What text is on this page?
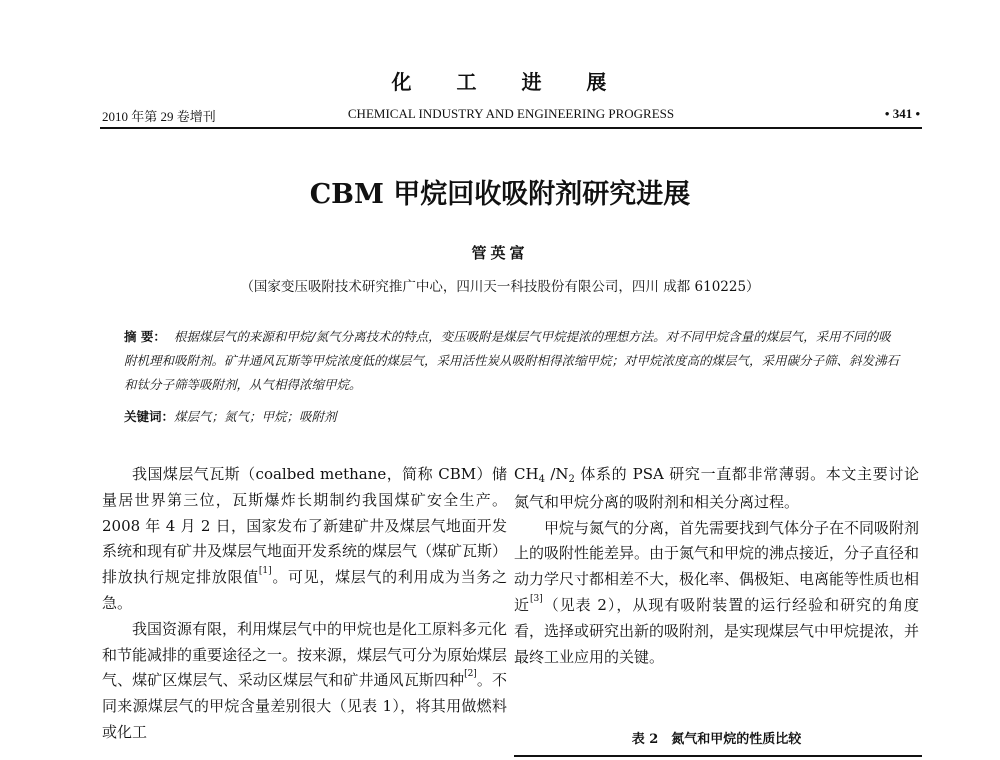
化 工 进 展
2010 年第 29 卷增刊	CHEMICAL INDUSTRY AND ENGINEERING PROGRESS	• 341 •
CBM 甲烷回收吸附剂研究进展
管英富
（国家变压吸附技术研究推广中心，四川天一科技股份有限公司，四川 成都 610225）
摘 要： 根据煤层气的来源和甲烷/氮气分离技术的特点，变压吸附是煤层气甲烷提浓的理想方法。对不同甲烷含量的煤层气，采用不同的吸附机理和吸附剂。矿井通风瓦斯等甲烷浓度低的煤层气，采用活性炭从吸附相得浓缩甲烷；对甲烷浓度高的煤层气，采用碳分子筛、斜发沸石和钛分子筛等吸附剂，从气相得浓缩甲烷。
关键词：煤层气；氮气；甲烷；吸附剂

我国煤层气瓦斯（coalbed methane，简称 CBM）储量居世界第三位，瓦斯爆炸长期制约我国煤矿安全生产。2008 年 4 月 2 日，国家发布了新建矿井及煤层气地面开发系统和现有矿井及煤层气地面开发系统的煤层气（煤矿瓦斯）排放执行规定排放限值[1]。可见，煤层气的利用成为当务之急。

我国资源有限，利用煤层气中的甲烷也是化工原料多元化和节能减排的重要途径之一。按来源，煤层气可分为原始煤层气、煤矿区煤层气、采动区煤层气和矿井通风瓦斯四种[2]。不同来源煤层气的甲烷含量差别很大（见表 1），将其用做燃料或化工

$CH_4$ $/N_2$ 体系的 PSA 研究一直都非常薄弱。本文主要讨论氮气和甲烷分离的吸附剂和相关分离过程。

甲烷与氮气的分离，首先需要找到气体分子在不同吸附剂上的吸附性能差异。由于氮气和甲烷的沸点接近，分子直径和动力学尺寸都相差不大，极化率、偶极矩、电离能等性质也相近[3]（见表 2），从现有吸附装置的运行经验和研究的角度看，选择或研究出新的吸附剂，是实现煤层气中甲烷提浓，并最终工业应用的关键。

表 2　氮气和甲烷的性质比较
